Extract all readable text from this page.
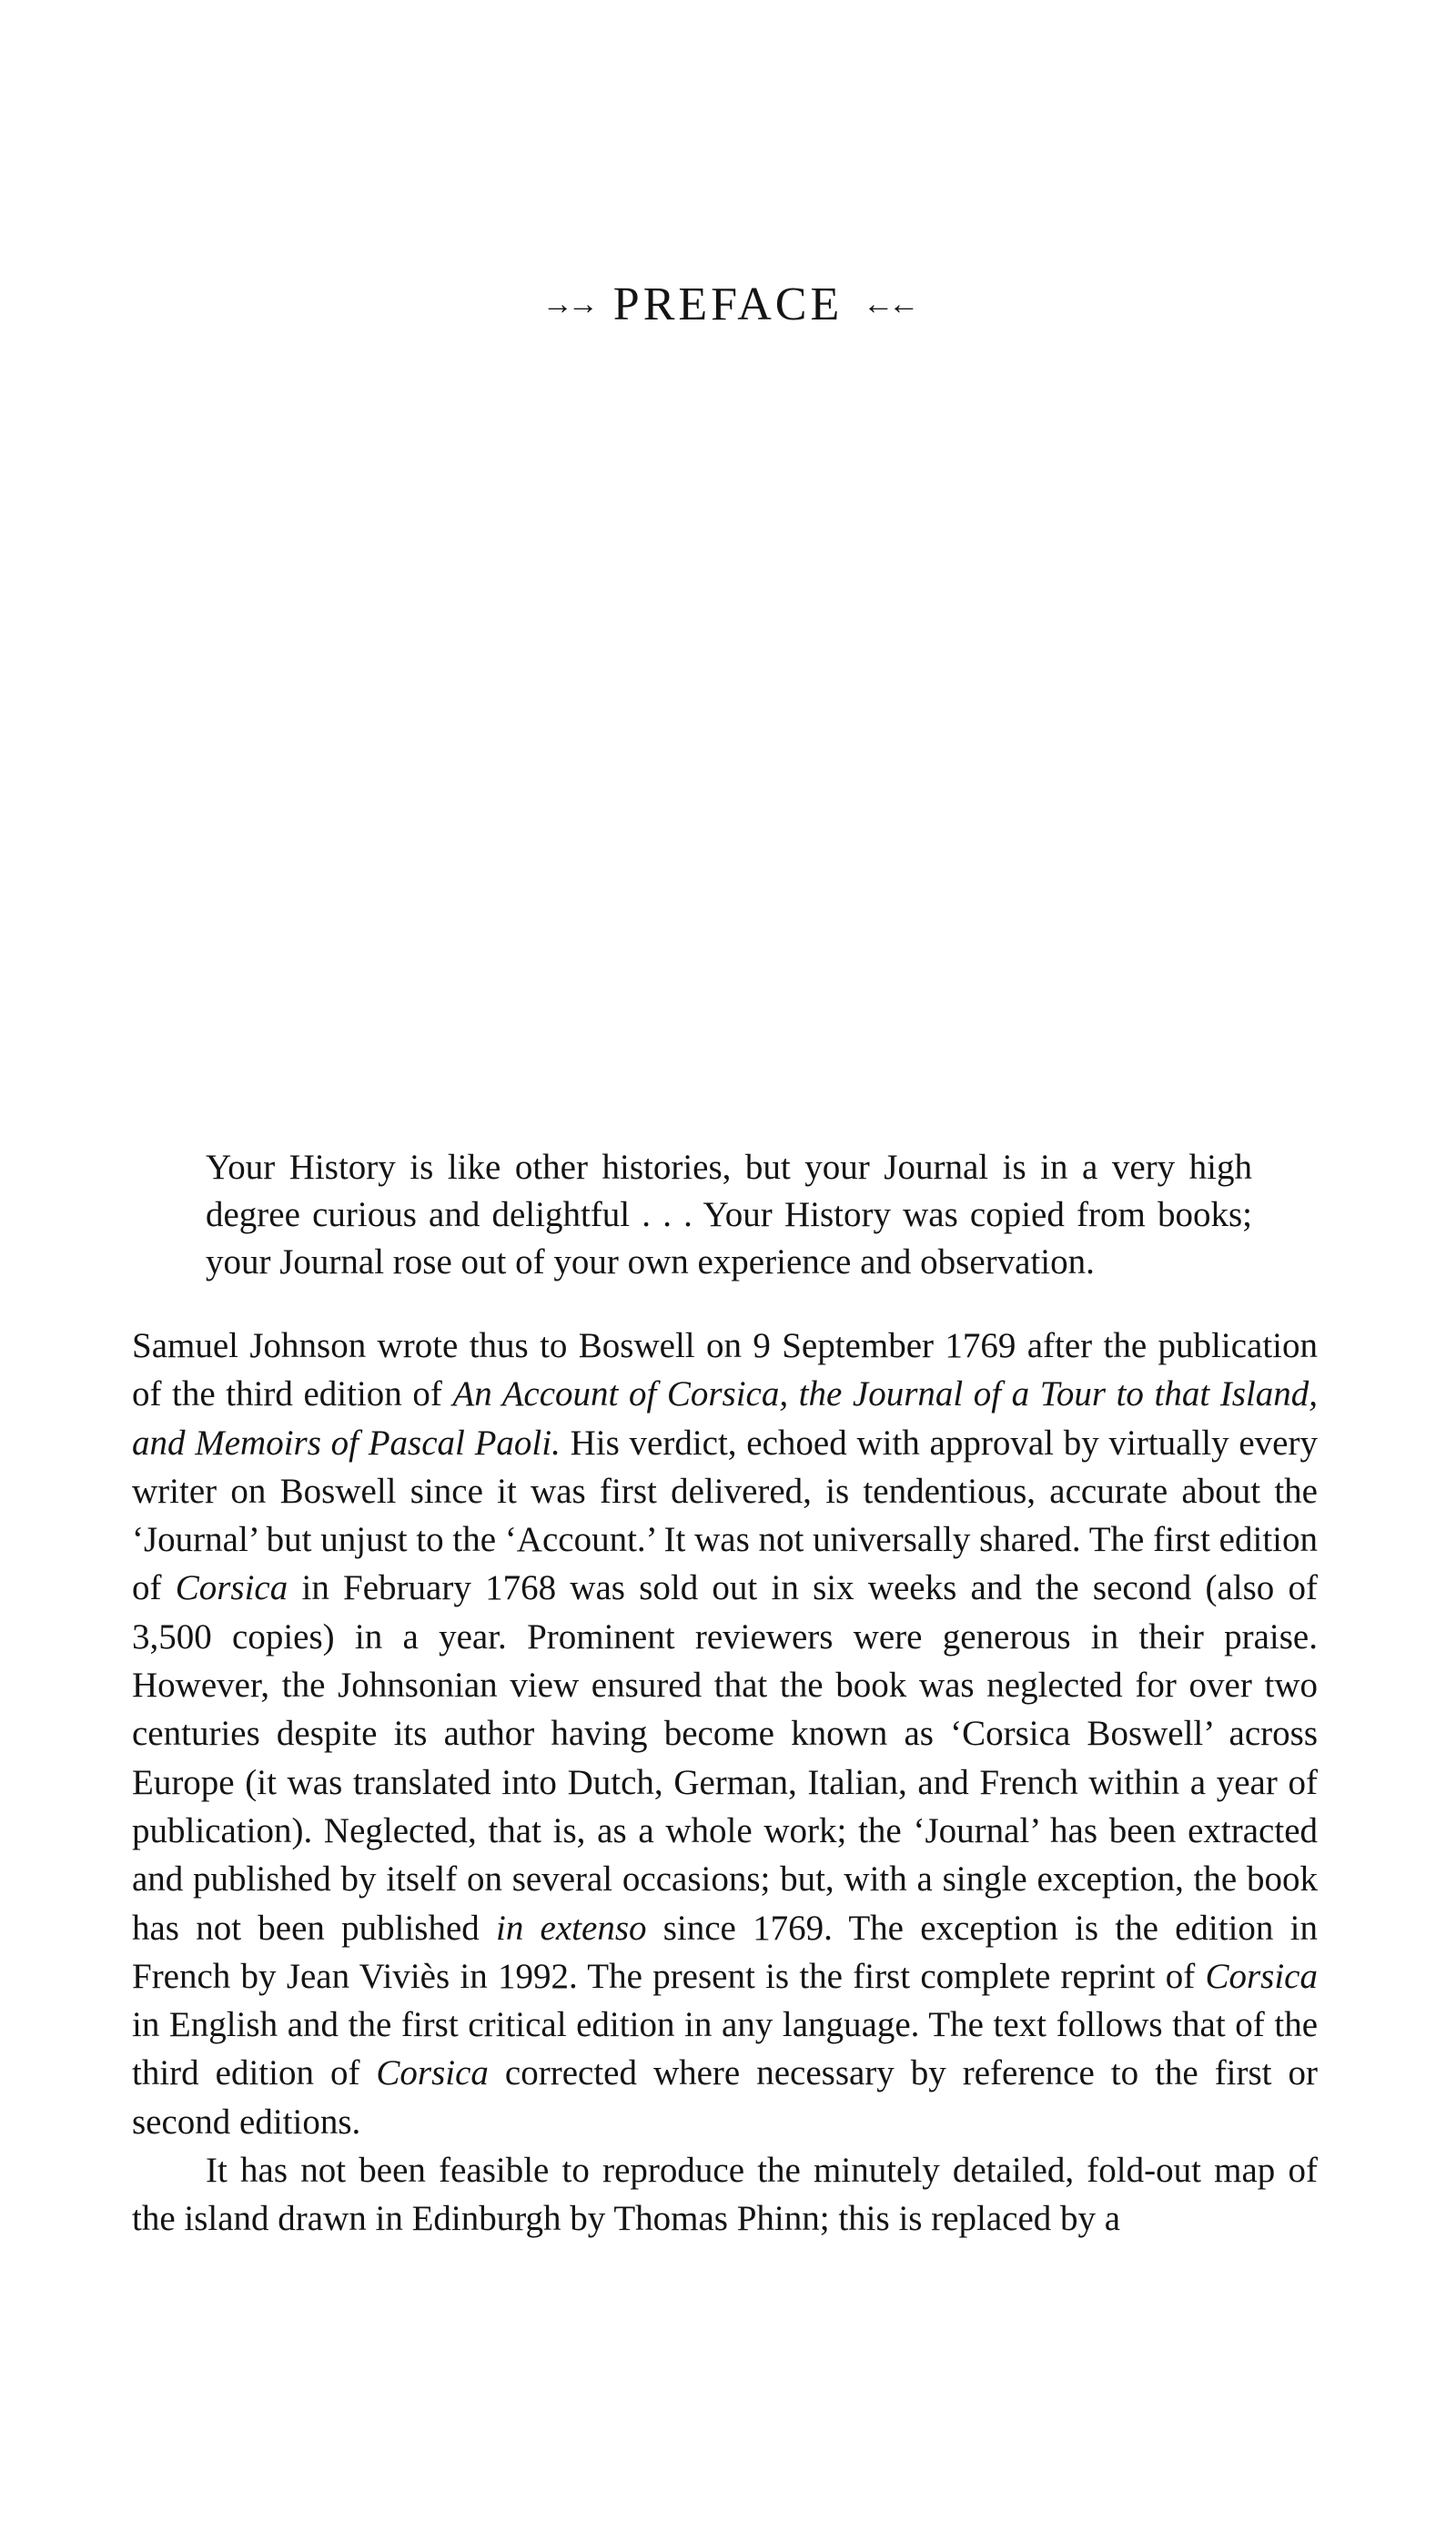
→→ PREFACE ←←

Your History is like other histories, but your Journal is in a very high degree curious and delightful . . . Your History was copied from books; your Journal rose out of your own experience and observation.

Samuel Johnson wrote thus to Boswell on 9 September 1769 after the publication of the third edition of An Account of Corsica, the Journal of a Tour to that Island, and Memoirs of Pascal Paoli. His verdict, echoed with approval by virtually every writer on Boswell since it was first delivered, is tendentious, accurate about the ‘Journal’ but unjust to the ‘Account.’ It was not universally shared. The first edition of Corsica in February 1768 was sold out in six weeks and the second (also of 3,500 copies) in a year. Prominent reviewers were generous in their praise. However, the Johnsonian view ensured that the book was neglected for over two centuries despite its author having become known as ‘Corsica Boswell’ across Europe (it was translated into Dutch, German, Italian, and French within a year of publication). Neglected, that is, as a whole work; the ‘Journal’ has been extracted and published by itself on several occasions; but, with a single exception, the book has not been published in extenso since 1769. The exception is the edition in French by Jean Viviès in 1992. The present is the first complete reprint of Corsica in English and the first critical edition in any language. The text follows that of the third edition of Corsica corrected where necessary by reference to the first or second editions.

It has not been feasible to reproduce the minutely detailed, fold-out map of the island drawn in Edinburgh by Thomas Phinn; this is replaced by a
